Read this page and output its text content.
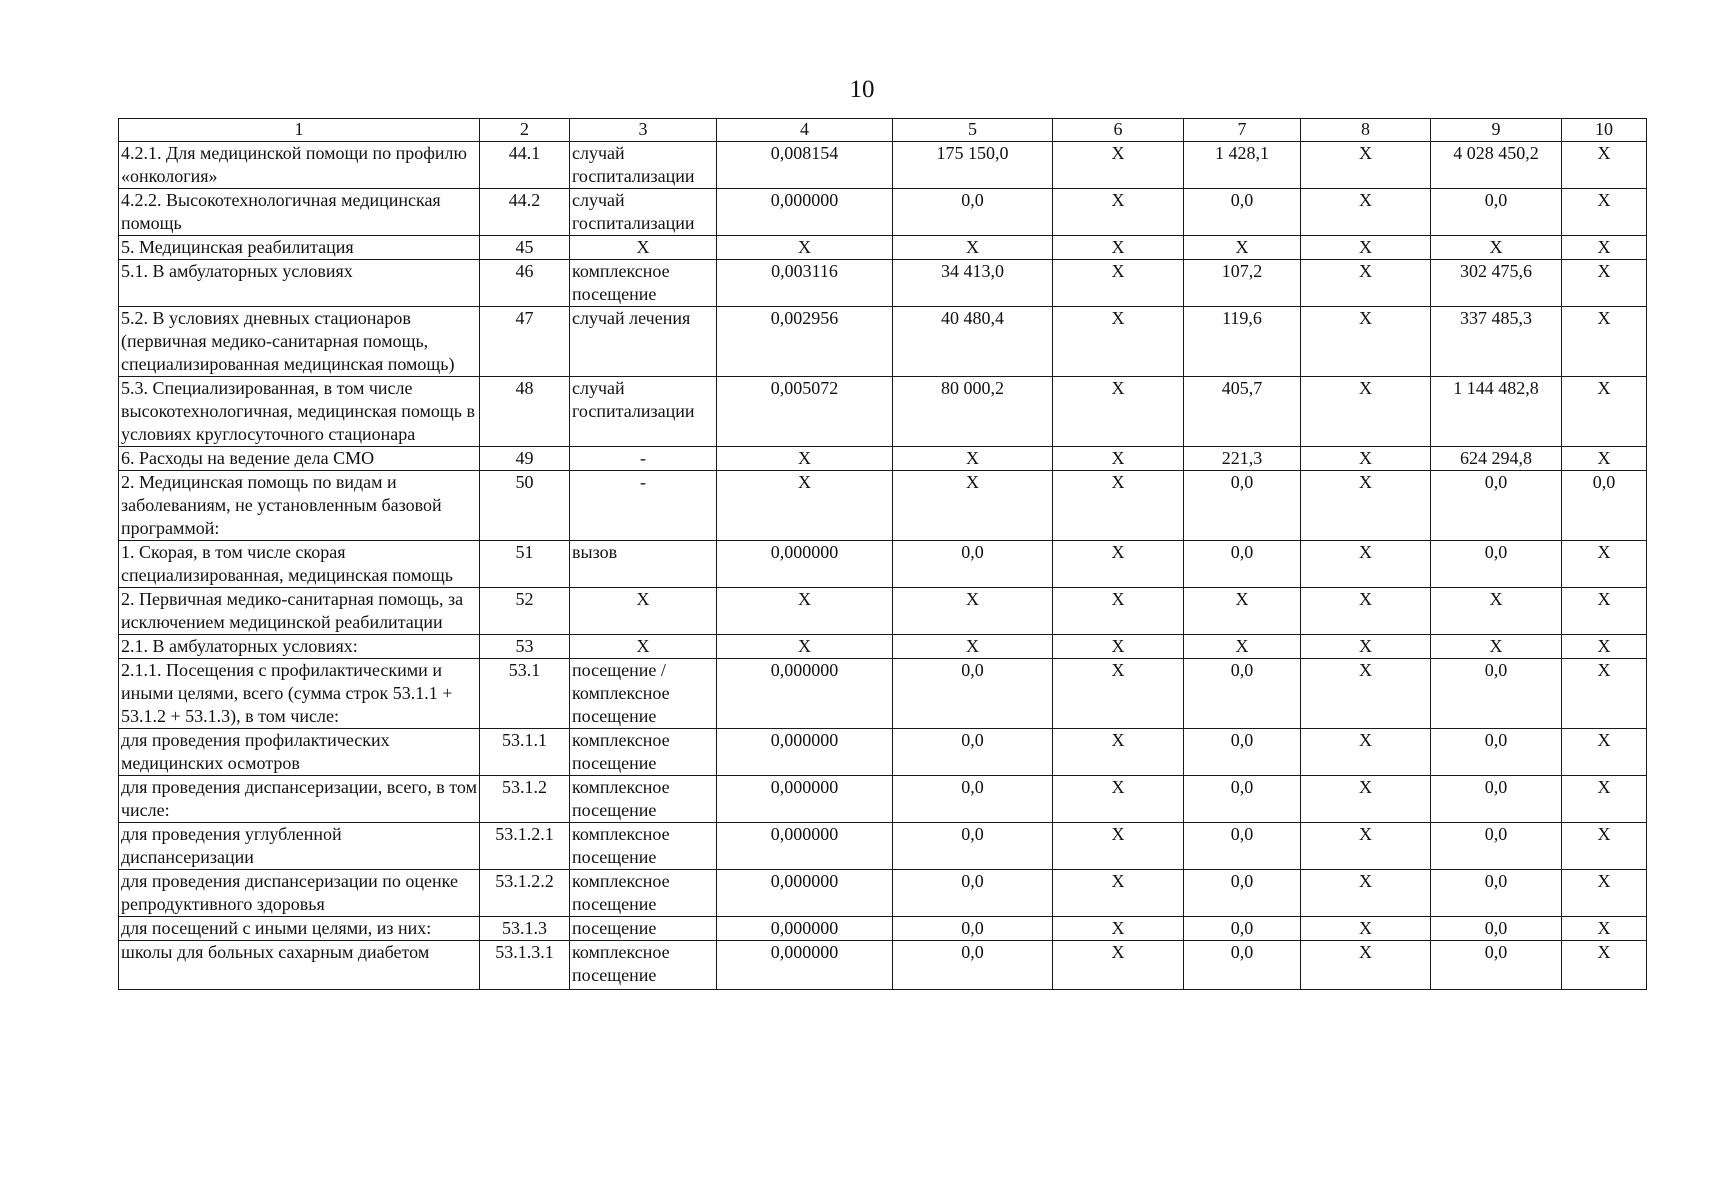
10
1	2	3	4	5	6	7	8	9	10
4.2.1. Для медицинской помощи по профилю «онкология»	44.1	случай госпитализации	0,008154	175 150,0	X	1 428,1	X	4 028 450,2	X
4.2.2. Высокотехнологичная медицинская помощь	44.2	случай госпитализации	0,000000	0,0	X	0,0	X	0,0	X
5. Медицинская реабилитация	45	X	X	X	X	X	X	X	X
5.1. В амбулаторных условиях	46	комплексное посещение	0,003116	34 413,0	X	107,2	X	302 475,6	X
5.2. В условиях дневных стационаров (первичная медико-санитарная помощь, специализированная медицинская помощь)	47	случай лечения	0,002956	40 480,4	X	119,6	X	337 485,3	X
5.3. Специализированная, в том числе высокотехнологичная, медицинская помощь в условиях круглосуточного стационара	48	случай госпитализации	0,005072	80 000,2	X	405,7	X	1 144 482,8	X
6. Расходы на ведение дела СМО	49	-	X	X	X	221,3	X	624 294,8	X
2. Медицинская помощь по видам и заболеваниям, не установленным базовой программой:	50	-	X	X	X	0,0	X	0,0	0,0
1. Скорая, в том числе скорая специализированная, медицинская помощь	51	вызов	0,000000	0,0	X	0,0	X	0,0	X
2. Первичная медико-санитарная помощь, за исключением медицинской реабилитации	52	X	X	X	X	X	X	X	X
2.1. В амбулаторных условиях:	53	X	X	X	X	X	X	X	X
2.1.1. Посещения с профилактическими и иными целями, всего (сумма строк 53.1.1 + 53.1.2 + 53.1.3), в том числе:	53.1	посещение / комплексное посещение	0,000000	0,0	X	0,0	X	0,0	X
для проведения профилактических медицинских осмотров	53.1.1	комплексное посещение	0,000000	0,0	X	0,0	X	0,0	X
для проведения диспансеризации, всего, в том числе:	53.1.2	комплексное посещение	0,000000	0,0	X	0,0	X	0,0	X
для проведения углубленной диспансеризации	53.1.2.1	комплексное посещение	0,000000	0,0	X	0,0	X	0,0	X
для проведения диспансеризации по оценке репродуктивного здоровья	53.1.2.2	комплексное посещение	0,000000	0,0	X	0,0	X	0,0	X
для посещений с иными целями, из них:	53.1.3	посещение	0,000000	0,0	X	0,0	X	0,0	X
школы для больных сахарным диабетом	53.1.3.1	комплексное посещение	0,000000	0,0	X	0,0	X	0,0	X
